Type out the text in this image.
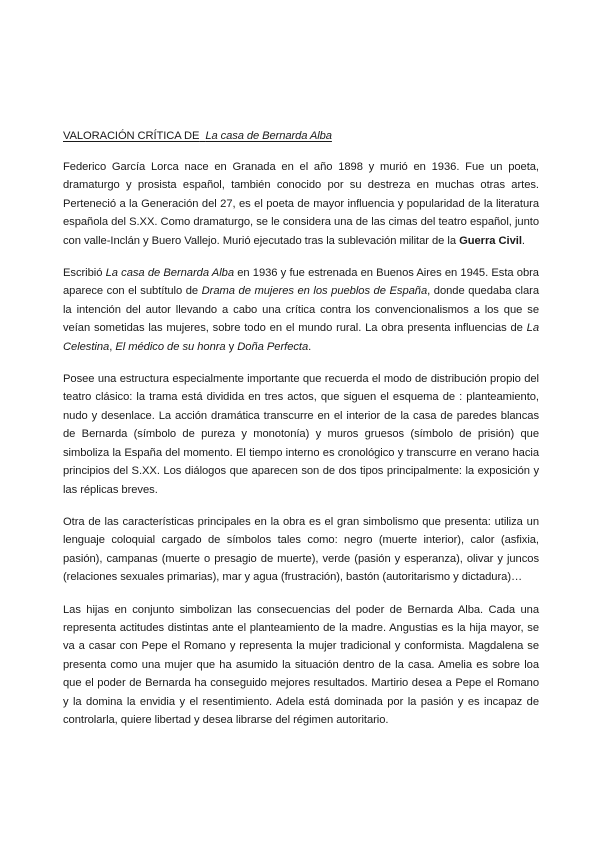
VALORACIÓN CRÍTICA DE La casa de Bernarda Alba

Federico García Lorca nace en Granada en el año 1898 y murió en 1936. Fue un poeta, dramaturgo y prosista español, también conocido por su destreza en muchas otras artes. Perteneció a la Generación del 27, es el poeta de mayor influencia y popularidad de la literatura española del S.XX. Como dramaturgo, se le considera una de las cimas del teatro español, junto con valle-Inclán y Buero Vallejo. Murió ejecutado tras la sublevación militar de la Guerra Civil.

Escribió La casa de Bernarda Alba en 1936 y fue estrenada en Buenos Aires en 1945. Esta obra aparece con el subtítulo de Drama de mujeres en los pueblos de España, donde quedaba clara la intención del autor llevando a cabo una crítica contra los convencionalismos a los que se veían sometidas las mujeres, sobre todo en el mundo rural. La obra presenta influencias de La Celestina, El médico de su honra y Doña Perfecta.

Posee una estructura especialmente importante que recuerda el modo de distribución propio del teatro clásico: la trama está dividida en tres actos, que siguen el esquema de : planteamiento, nudo y desenlace. La acción dramática transcurre en el interior de la casa de paredes blancas de Bernarda (símbolo de pureza y monotonía) y muros gruesos (símbolo de prisión) que simboliza la España del momento. El tiempo interno es cronológico y transcurre en verano hacia principios del S.XX. Los diálogos que aparecen son de dos tipos principalmente: la exposición y las réplicas breves.

Otra de las características principales en la obra es el gran simbolismo que presenta: utiliza un lenguaje coloquial cargado de símbolos tales como: negro (muerte interior), calor (asfixia, pasión), campanas (muerte o presagio de muerte), verde (pasión y esperanza), olivar y juncos (relaciones sexuales primarias), mar y agua (frustración), bastón (autoritarismo y dictadura)…

Las hijas en conjunto simbolizan las consecuencias del poder de Bernarda Alba. Cada una representa actitudes distintas ante el planteamiento de la madre. Angustias es la hija mayor, se va a casar con Pepe el Romano y representa la mujer tradicional y conformista. Magdalena se presenta como una mujer que ha asumido la situación dentro de la casa. Amelia es sobre loa que el poder de Bernarda ha conseguido mejores resultados. Martirio desea a Pepe el Romano y la domina la envidia y el resentimiento. Adela está dominada por la pasión y es incapaz de controlarla, quiere libertad y desea librarse del régimen autoritario.
